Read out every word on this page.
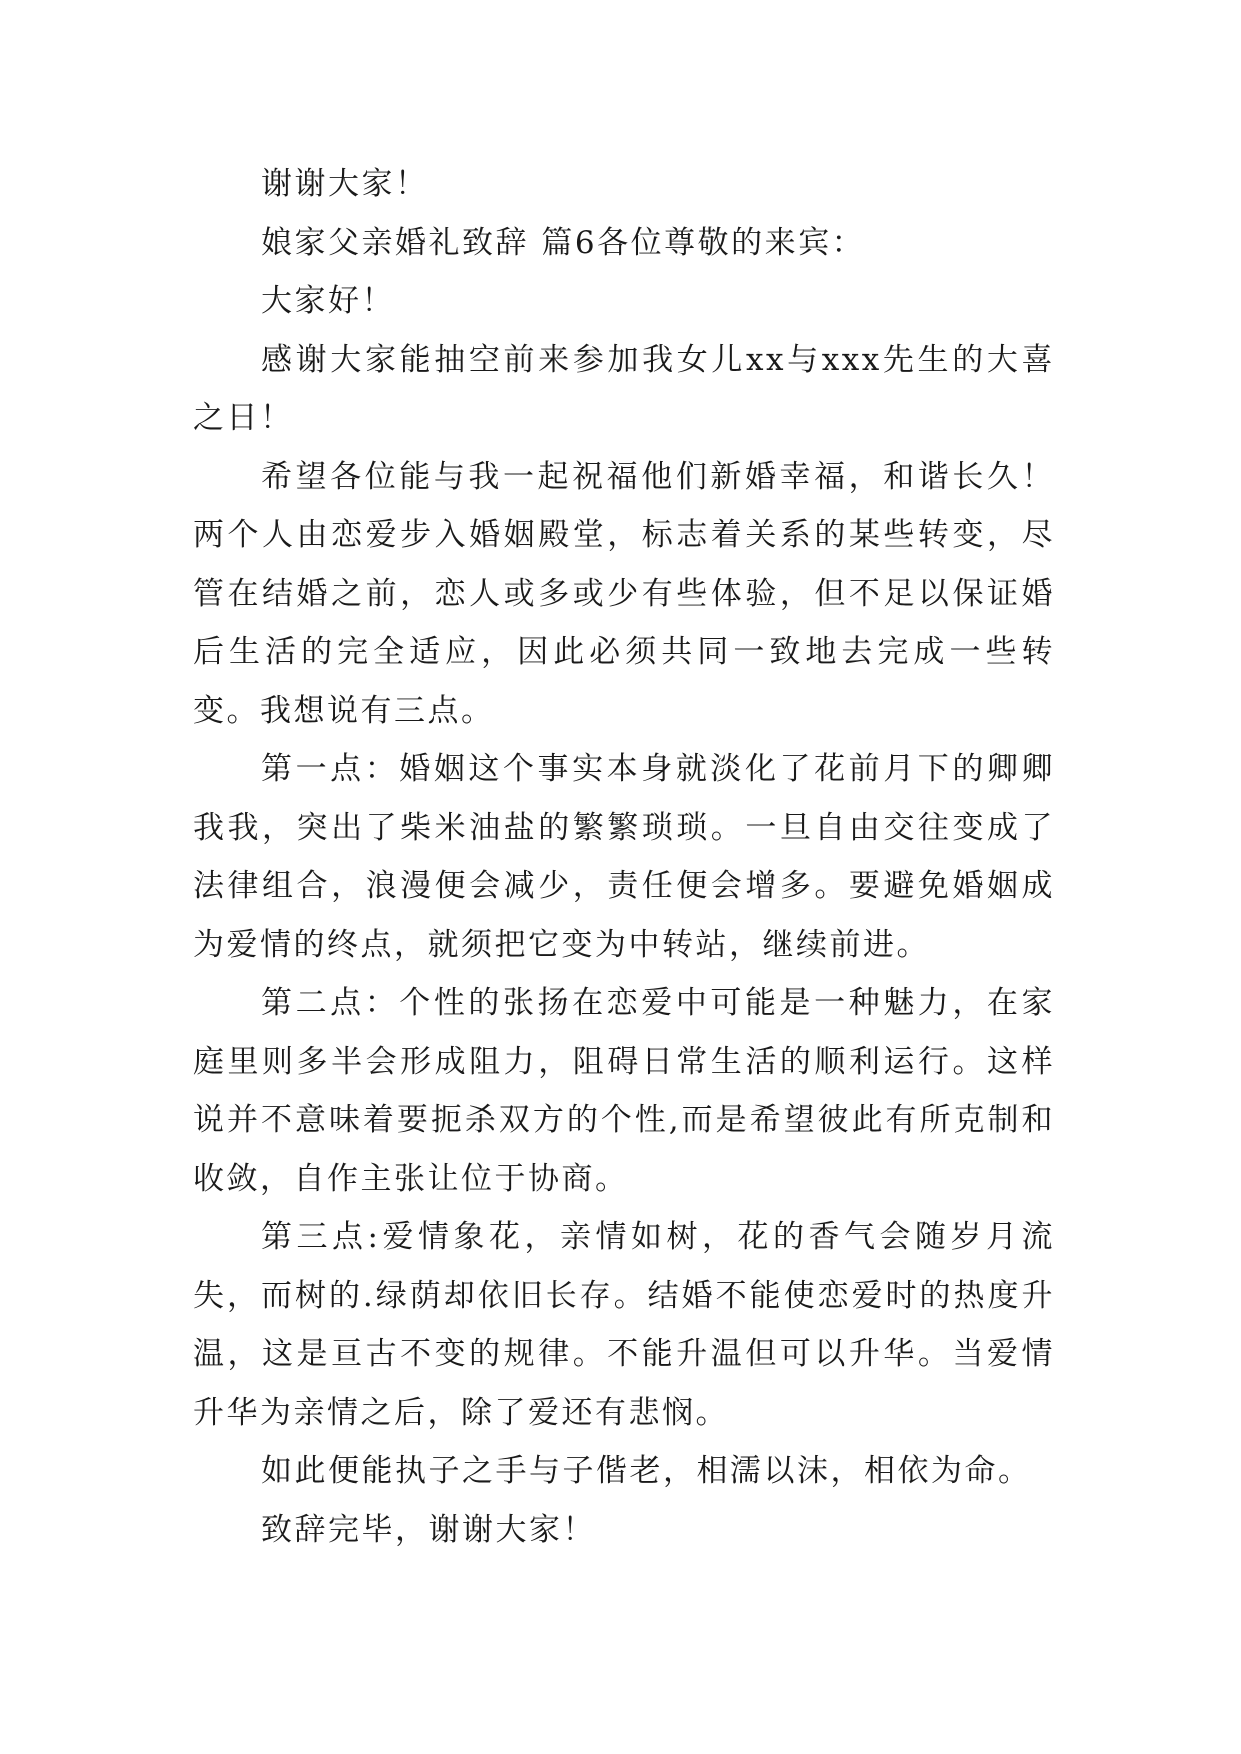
谢谢大家！

娘家父亲婚礼致辞 篇6各位尊敬的来宾：

大家好！

感谢大家能抽空前来参加我女儿xx与xxx先生的大喜之日！

希望各位能与我一起祝福他们新婚幸福，和谐长久！两个人由恋爱步入婚姻殿堂，标志着关系的某些转变，尽管在结婚之前，恋人或多或少有些体验，但不足以保证婚后生活的完全适应，因此必须共同一致地去完成一些转变。我想说有三点。

第一点：婚姻这个事实本身就淡化了花前月下的卿卿我我，突出了柴米油盐的繁繁琐琐。一旦自由交往变成了法律组合，浪漫便会减少，责任便会增多。要避免婚姻成为爱情的终点，就须把它变为中转站，继续前进。

第二点：个性的张扬在恋爱中可能是一种魅力，在家庭里则多半会形成阻力，阻碍日常生活的顺利运行。这样说并不意味着要扼杀双方的个性,而是希望彼此有所克制和收敛，自作主张让位于协商。

第三点:爱情象花，亲情如树，花的香气会随岁月流失，而树的.绿荫却依旧长存。结婚不能使恋爱时的热度升温，这是亘古不变的规律。不能升温但可以升华。当爱情升华为亲情之后，除了爱还有悲悯。

如此便能执子之手与子偕老，相濡以沫，相依为命。

致辞完毕，谢谢大家！
